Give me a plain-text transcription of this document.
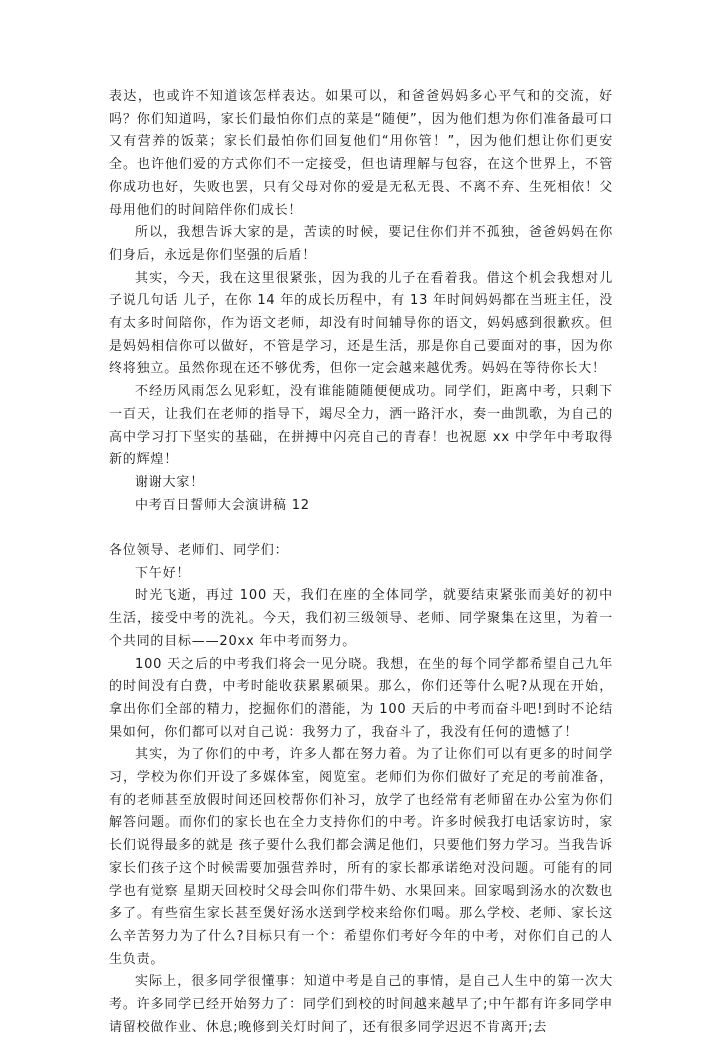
表达，也或许不知道该怎样表达。如果可以，和爸爸妈妈多心平气和的交流，好吗？你们知道吗，家长们最怕你们点的菜是“随便”，因为他们想为你们准备最可口又有营养的饭菜；家长们最怕你们回复他们“用你管！”，因为他们想让你们更安全。也许他们爱的方式你们不一定接受，但也请理解与包容，在这个世界上，不管你成功也好，失败也罢，只有父母对你的爱是无私无畏、不离不弃、生死相依！父母用他们的时间陪伴你们成长！

所以，我想告诉大家的是，苦读的时候，要记住你们并不孤独，爸爸妈妈在你们身后，永远是你们坚强的后盾！

其实，今天，我在这里很紧张，因为我的儿子在看着我。借这个机会我想对儿子说几句话 儿子，在你 14 年的成长历程中，有 13 年时间妈妈都在当班主任，没有太多时间陪你，作为语文老师，却没有时间辅导你的语文，妈妈感到很歉疚。但是妈妈相信你可以做好，不管是学习，还是生活，那是你自己要面对的事，因为你终将独立。虽然你现在还不够优秀，但你一定会越来越优秀。妈妈在等待你长大！

不经历风雨怎么见彩虹，没有谁能随随便便成功。同学们，距离中考，只剩下一百天，让我们在老师的指导下，竭尽全力，洒一路汗水，奏一曲凯歌，为自己的高中学习打下坚实的基础，在拼搏中闪亮自己的青春！也祝愿 xx 中学年中考取得新的辉煌！

谢谢大家！

中考百日誓师大会演讲稿 12

各位领导、老师们、同学们：

下午好！

时光飞逝，再过 100 天，我们在座的全体同学，就要结束紧张而美好的初中生活，接受中考的洗礼。今天，我们初三级领导、老师、同学聚集在这里，为着一个共同的目标——20xx 年中考而努力。

100 天之后的中考我们将会一见分晓。我想，在坐的每个同学都希望自己九年的时间没有白费，中考时能收获累累硕果。那么，你们还等什么呢?从现在开始，拿出你们全部的精力，挖掘你们的潜能，为 100 天后的中考而奋斗吧!到时不论结果如何，你们都可以对自己说：我努力了，我奋斗了，我没有任何的遗憾了！

其实，为了你们的中考，许多人都在努力着。为了让你们可以有更多的时间学习，学校为你们开设了多媒体室，阅览室。老师们为你们做好了充足的考前准备，有的老师甚至放假时间还回校帮你们补习，放学了也经常有老师留在办公室为你们解答问题。而你们的家长也在全力支持你们的中考。许多时候我打电话家访时，家长们说得最多的就是 孩子要什么我们都会满足他们，只要他们努力学习。当我告诉家长们孩子这个时候需要加强营养时，所有的家长都承诺绝对没问题。可能有的同学也有觉察 星期天回校时父母会叫你们带牛奶、水果回来。回家喝到汤水的次数也多了。有些宿生家长甚至煲好汤水送到学校来给你们喝。那么学校、老师、家长这么辛苦努力为了什么?目标只有一个：希望你们考好今年的中考，对你们自己的人生负责。

实际上，很多同学很懂事：知道中考是自己的事情，是自己人生中的第一次大考。许多同学已经开始努力了：同学们到校的时间越来越早了;中午都有许多同学申请留校做作业、休息;晚修到关灯时间了，还有很多同学迟迟不肯离开;去
